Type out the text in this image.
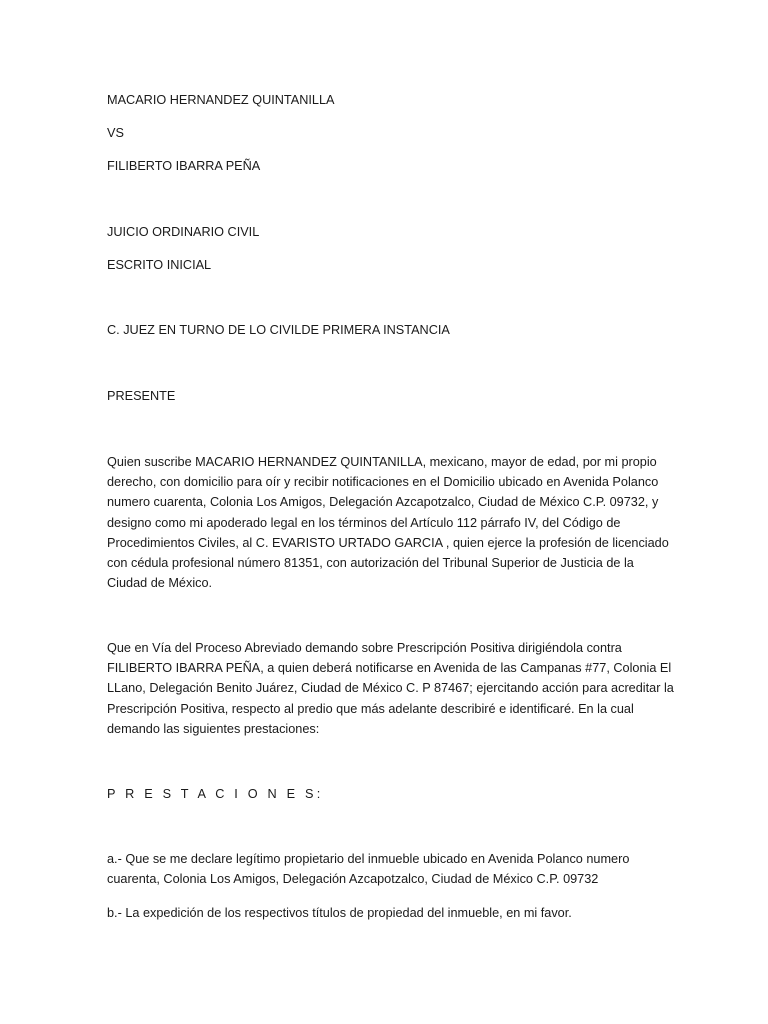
MACARIO HERNANDEZ QUINTANILLA

VS

FILIBERTO IBARRA PEÑA

JUICIO ORDINARIO CIVIL

ESCRITO INICIAL

C. JUEZ EN TURNO DE LO CIVILDE PRIMERA INSTANCIA

PRESENTE

Quien suscribe MACARIO HERNANDEZ QUINTANILLA, mexicano, mayor de edad, por mi propio
derecho, con domicilio para oír y recibir notificaciones en el Domicilio ubicado en Avenida Polanco
numero cuarenta, Colonia Los Amigos, Delegación Azcapotzalco, Ciudad de México C.P. 09732, y
designo como mi apoderado legal en los términos del Artículo 112 párrafo IV, del Código de
Procedimientos Civiles, al C. EVARISTO URTADO GARCIA , quien ejerce la profesión de licenciado
con cédula profesional número 81351, con autorización del Tribunal Superior de Justicia de la
Ciudad de México.
Que en Vía del Proceso Abreviado demando sobre Prescripción Positiva dirigiéndola contra
FILIBERTO IBARRA PEÑA, a quien deberá notificarse en Avenida de las Campanas #77, Colonia El
LLano, Delegación Benito Juárez, Ciudad de México C. P 87467; ejercitando acción para acreditar la
Prescripción Positiva, respecto al predio que más adelante describiré e identificaré. En la cual
demando las siguientes prestaciones:

P R E S T A C I O N E S:

a.- Que se me declare legítimo propietario del inmueble ubicado en Avenida Polanco numero
cuarenta, Colonia Los Amigos, Delegación Azcapotzalco, Ciudad de México C.P. 09732

b.- La expedición de los respectivos títulos de propiedad del inmueble, en mi favor.
